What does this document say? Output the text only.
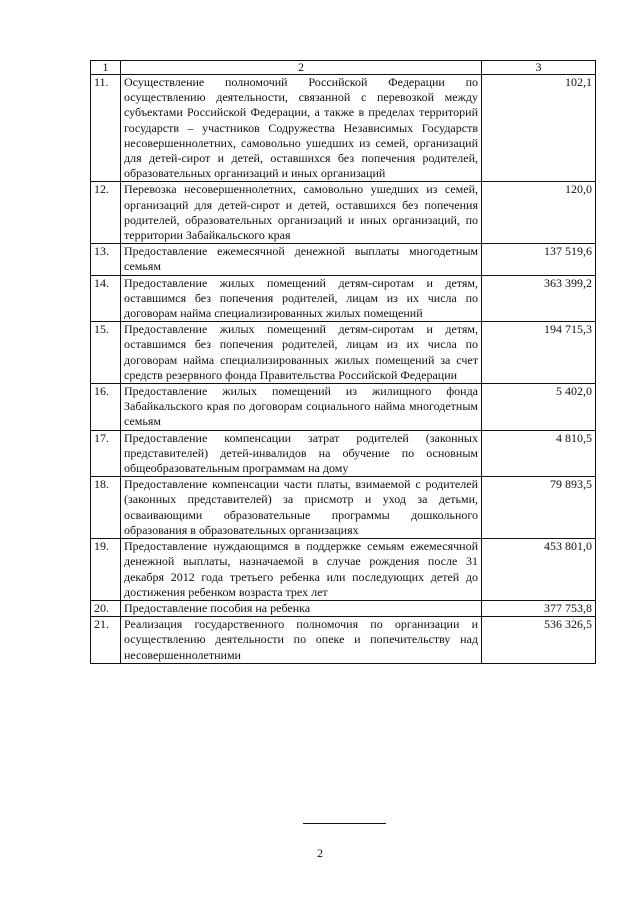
1	2	3
11.	Осуществление полномочий Российской Федерации по осуществлению деятельности, связанной с перевозкой между субъектами Российской Федерации, а также в пределах территорий государств – участников Содружества Независимых Государств несовершеннолетних, самовольно ушедших из семей, организаций для детей-сирот и детей, оставшихся без попечения родителей, образовательных организаций и иных организаций	102,1
12.	Перевозка несовершеннолетних, самовольно ушедших из семей, организаций для детей-сирот и детей, оставшихся без попечения родителей, образовательных организаций и иных организаций, по территории Забайкальского края	120,0
13.	Предоставление ежемесячной денежной выплаты многодетным семьям	137 519,6
14.	Предоставление жилых помещений детям-сиротам и детям, оставшимся без попечения родителей, лицам из их числа по договорам найма специализированных жилых помещений	363 399,2
15.	Предоставление жилых помещений детям-сиротам и детям, оставшимся без попечения родителей, лицам из их числа по договорам найма специализированных жилых помещений за счет средств резервного фонда Правительства Российской Федерации	194 715,3
16.	Предоставление жилых помещений из жилищного фонда Забайкальского края по договорам социального найма многодетным семьям	5 402,0
17.	Предоставление компенсации затрат родителей (законных представителей) детей-инвалидов на обучение по основным общеобразовательным программам на дому	4 810,5
18.	Предоставление компенсации части платы, взимаемой с родителей (законных представителей) за присмотр и уход за детьми, осваивающими образовательные программы дошкольного образования в образовательных организациях	79 893,5
19.	Предоставление нуждающимся в поддержке семьям ежемесячной денежной выплаты, назначаемой в случае рождения после 31 декабря 2012 года третьего ребенка или последующих детей до достижения ребенком возраста трех лет	453 801,0
20.	Предоставление пособия на ребенка	377 753,8
21.	Реализация государственного полномочия по организации и осуществлению деятельности по опеке и попечительству над несовершеннолетними	536 326,5
2
